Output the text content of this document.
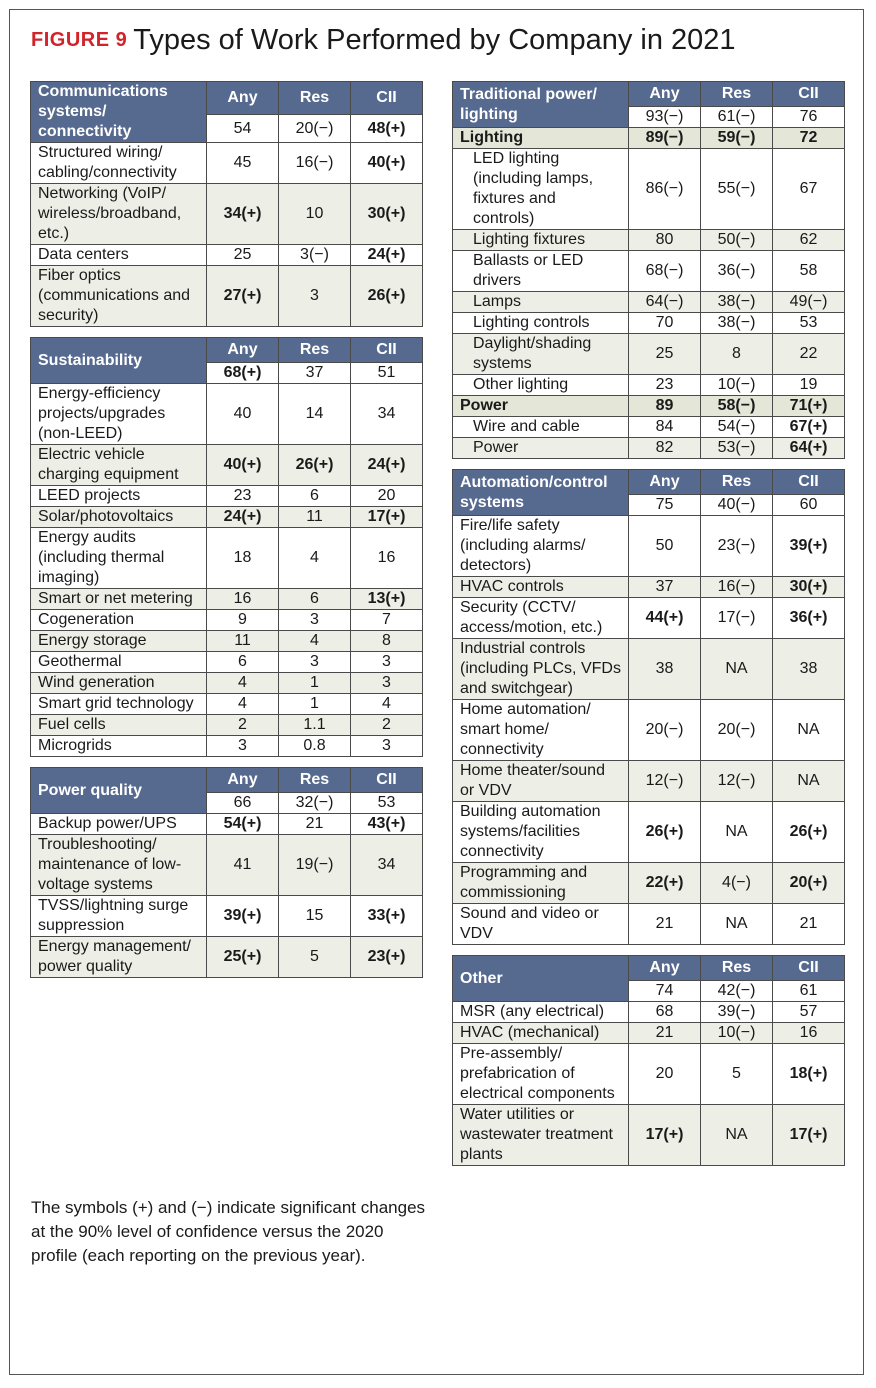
FIGURE 9 Types of Work Performed by Company in 2021
Communications systems/ connectivity	Any	Res	CII
	54	20(−)	48(+)
Structured wiring/ cabling/connectivity	45	16(−)	40(+)
Networking (VoIP/ wireless/broadband, etc.)	34(+)	10	30(+)
Data centers	25	3(−)	24(+)
Fiber optics (communications and security)	27(+)	3	26(+)
Sustainability	Any	Res	CII
	68(+)	37	51
Energy-efficiency projects/upgrades (non-LEED)	40	14	34
Electric vehicle charging equipment	40(+)	26(+)	24(+)
LEED projects	23	6	20
Solar/photovoltaics	24(+)	11	17(+)
Energy audits (including thermal imaging)	18	4	16
Smart or net metering	16	6	13(+)
Cogeneration	9	3	7
Energy storage	11	4	8
Geothermal	6	3	3
Wind generation	4	1	3
Smart grid technology	4	1	4
Fuel cells	2	1.1	2
Microgrids	3	0.8	3
Power quality	Any	Res	CII
	66	32(−)	53
Backup power/UPS	54(+)	21	43(+)
Troubleshooting/ maintenance of low-voltage systems	41	19(−)	34
TVSS/lightning surge suppression	39(+)	15	33(+)
Energy management/ power quality	25(+)	5	23(+)
Traditional power/ lighting	Any	Res	CII
	93(−)	61(−)	76
Lighting	89(−)	59(−)	72
LED lighting (including lamps, fixtures and controls)	86(−)	55(−)	67
Lighting fixtures	80	50(−)	62
Ballasts or LED drivers	68(−)	36(−)	58
Lamps	64(−)	38(−)	49(−)
Lighting controls	70	38(−)	53
Daylight/shading systems	25	8	22
Other lighting	23	10(−)	19
Power	89	58(−)	71(+)
Wire and cable	84	54(−)	67(+)
Power	82	53(−)	64(+)
Automation/control systems	Any	Res	CII
	75	40(−)	60
Fire/life safety (including alarms/ detectors)	50	23(−)	39(+)
HVAC controls	37	16(−)	30(+)
Security (CCTV/ access/motion, etc.)	44(+)	17(−)	36(+)
Industrial controls (including PLCs, VFDs and switchgear)	38	NA	38
Home automation/ smart home/ connectivity	20(−)	20(−)	NA
Home theater/sound or VDV	12(−)	12(−)	NA
Building automation systems/facilities connectivity	26(+)	NA	26(+)
Programming and commissioning	22(+)	4(−)	20(+)
Sound and video or VDV	21	NA	21
Other	Any	Res	CII
	74	42(−)	61
MSR (any electrical)	68	39(−)	57
HVAC (mechanical)	21	10(−)	16
Pre-assembly/ prefabrication of electrical components	20	5	18(+)
Water utilities or wastewater treatment plants	17(+)	NA	17(+)
The symbols (+) and (−) indicate significant changes at the 90% level of confidence versus the 2020 profile (each reporting on the previous year).
